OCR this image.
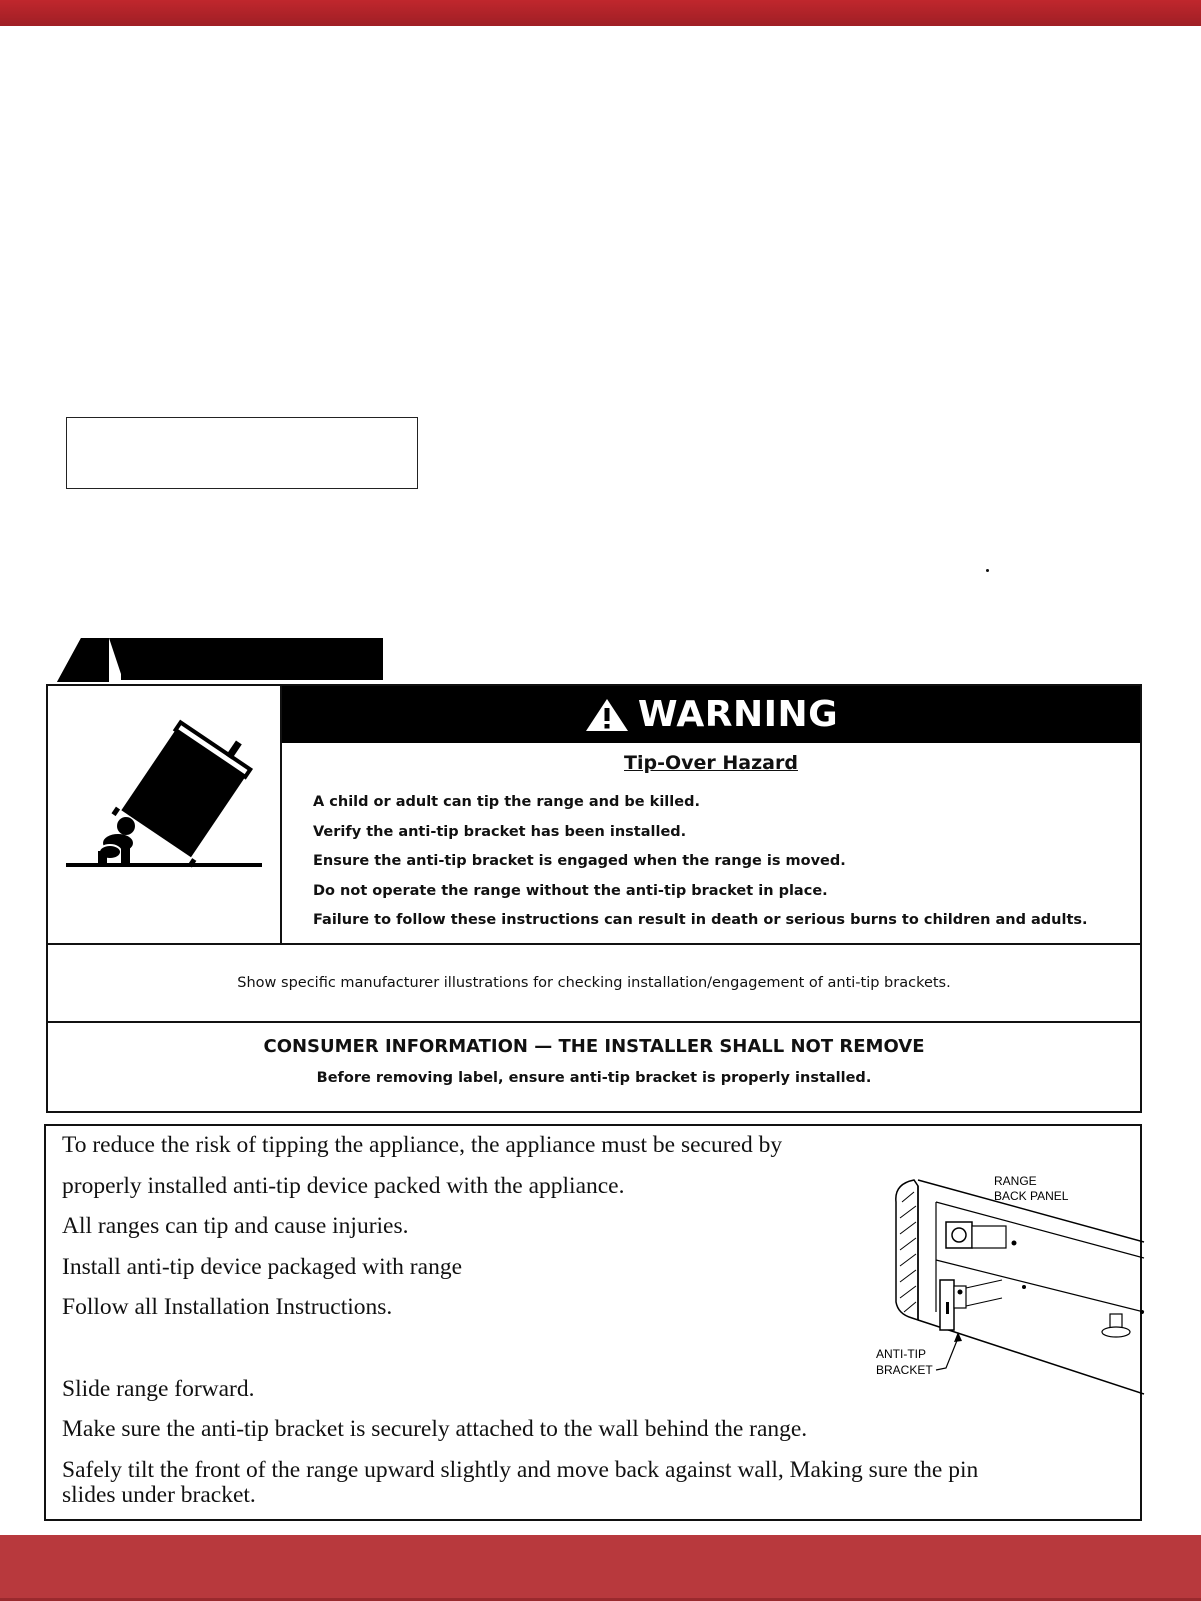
WARNING
Tip-Over Hazard
A child or adult can tip the range and be killed.
Verify the anti-tip bracket has been installed.
Ensure the anti-tip bracket is engaged when the range is moved.
Do not operate the range without the anti-tip bracket in place.
Failure to follow these instructions can result in death or serious burns to children and adults.
Show specific manufacturer illustrations for checking installation/engagement of anti-tip brackets.
CONSUMER INFORMATION — THE INSTALLER SHALL NOT REMOVE
Before removing label, ensure anti-tip bracket is properly installed.

To reduce the risk of tipping the appliance, the appliance must be secured by

properly installed anti-tip device packed with the appliance.

All ranges can tip and cause injuries.

Install anti-tip device packaged with range

Follow all Installation Instructions.

Slide range forward.

Make sure the anti-tip bracket is securely attached to the wall behind the range.

Safely tilt the front of the range upward slightly and move back against wall, Making sure the pin

slides under bracket.

RANGE
BACK PANEL
ANTI-TIP
BRACKET
